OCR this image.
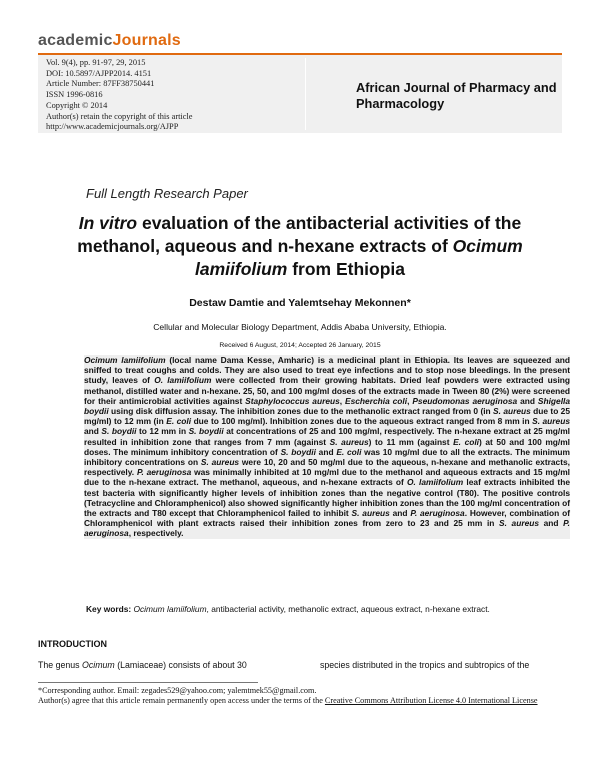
academicJournals
Vol. 9(4), pp. 91-97, 29, 2015
DOI: 10.5897/AJPP2014. 4151
Article Number: 87FF38750441
ISSN 1996-0816
Copyright © 2014
Author(s) retain the copyright of this article
http://www.academicjournals.org/AJPP
African Journal of Pharmacy and
Pharmacology
Full Length Research Paper
In vitro evaluation of the antibacterial activities of the methanol, aqueous and n-hexane extracts of Ocimum lamiifolium from Ethiopia
Destaw Damtie and Yalemtsehay Mekonnen*
Cellular and Molecular Biology Department, Addis Ababa University, Ethiopia.
Received 6 August, 2014; Accepted 26 January, 2015

Ocimum lamiifolium (local name Dama Kesse, Amharic) is a medicinal plant in Ethiopia. Its leaves are squeezed and sniffed to treat coughs and colds. They are also used to treat eye infections and to stop nose bleedings. In the present study, leaves of O. lamiifolium were collected from their growing habitats. Dried leaf powders were extracted using methanol, distilled water and n-hexane. 25, 50, and 100 mg/ml doses of the extracts made in Tween 80 (2%) were screened for their antimicrobial activities against Staphylococcus aureus, Escherchia coli, Pseudomonas aeruginosa and Shigella boydii using disk diffusion assay. The inhibition zones due to the methanolic extract ranged from 0 (in S. aureus due to 25 mg/ml) to 12 mm (in E. coli due to 100 mg/ml). Inhibition zones due to the aqueous extract ranged from 8 mm in S. aureus and S. boydii to 12 mm in S. boydii at concentrations of 25 and 100 mg/ml, respectively. The n-hexane extract at 25 mg/ml resulted in inhibition zone that ranges from 7 mm (against S. aureus) to 11 mm (against E. coli) at 50 and 100 mg/ml doses. The minimum inhibitory concentration of S. boydii and E. coli was 10 mg/ml due to all the extracts. The minimum inhibitory concentrations on S. aureus were 10, 20 and 50 mg/ml due to the aqueous, n-hexane and methanolic extracts, respectively. P. aeruginosa was minimally inhibited at 10 mg/ml due to the methanol and aqueous extracts and 15 mg/ml due to the n-hexane extract. The methanol, aqueous, and n-hexane extracts of O. lamiifolium leaf extracts inhibited the test bacteria with significantly higher levels of inhibition zones than the negative control (T80). The positive controls (Tetracycline and Chloramphenicol) also showed significantly higher inhibition zones than the 100 mg/ml concentration of the extracts and T80 except that Chloramphenicol failed to inhibit S. aureus and P. aeruginosa. However, combination of Chloramphenicol with plant extracts raised their inhibition zones from zero to 23 and 25 mm in S. aureus and P. aeruginosa, respectively.

Key words: Ocimum lamiifolium, antibacterial activity, methanolic extract, aqueous extract, n-hexane extract.
INTRODUCTION
The genus Ocimum (Lamiaceae) consists of about 30	species distributed in the tropics and subtropics of the
*Corresponding author. Email: zegades529@yahoo.com; yalemtmek55@gmail.com.
Author(s) agree that this article remain permanently open access under the terms of the Creative Commons Attribution License 4.0 International License
